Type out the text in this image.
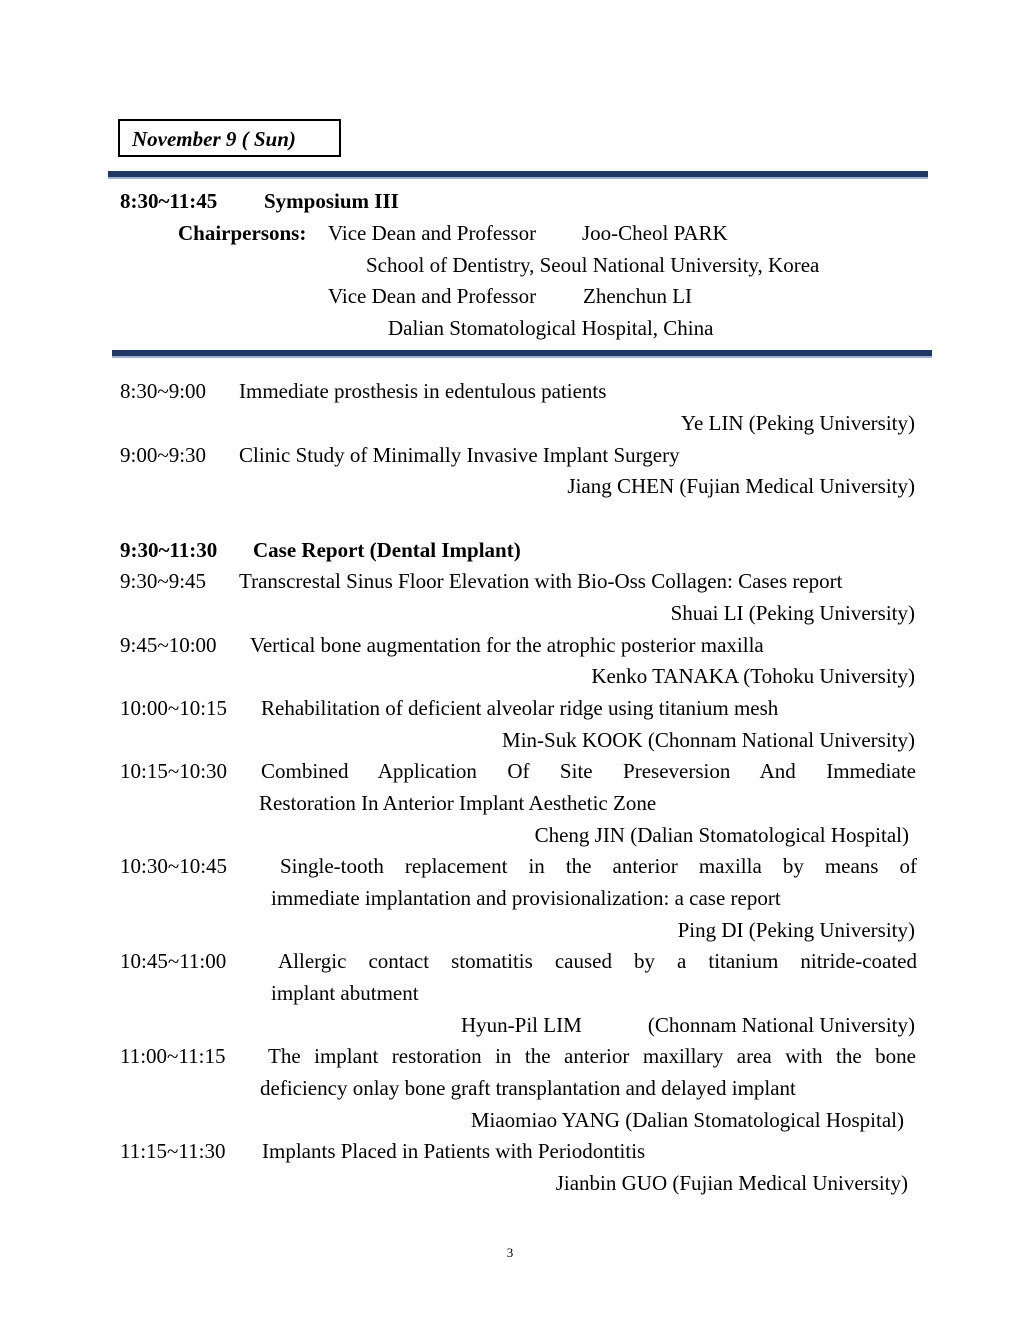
November 9 ( Sun)
8:30~11:45 Symposium III
Chairpersons: Vice Dean and Professor Joo-Cheol PARK
School of Dentistry, Seoul National University, Korea
Vice Dean and Professor Zhenchun LI
Dalian Stomatological Hospital, China
8:30~9:00 Immediate prosthesis in edentulous patients
Ye LIN (Peking University)
9:00~9:30 Clinic Study of Minimally Invasive Implant Surgery
Jiang CHEN (Fujian Medical University)
9:30~11:30 Case Report (Dental Implant)
9:30~9:45 Transcrestal Sinus Floor Elevation with Bio-Oss Collagen: Cases report
Shuai LI (Peking University)
9:45~10:00 Vertical bone augmentation for the atrophic posterior maxilla
Kenko TANAKA (Tohoku University)
10:00~10:15 Rehabilitation of deficient alveolar ridge using titanium mesh
Min-Suk KOOK (Chonnam National University)
10:15~10:30 Combined Application Of Site Preseversion And Immediate
Restoration In Anterior Implant Aesthetic Zone
Cheng JIN (Dalian Stomatological Hospital)
10:30~10:45	Single-tooth replacement in the anterior maxilla by means of
immediate implantation and provisionalization: a case report
Ping DI (Peking University)
10:45~11:00 Allergic contact stomatitis caused by a titanium nitride-coated
implant abutment
Hyun-Pil LIM	(Chonnam National University)
11:00~11:15 The implant restoration in the anterior maxillary area with the bone
deficiency onlay bone graft transplantation and delayed implant
Miaomiao YANG (Dalian Stomatological Hospital)
11:15~11:30 Implants Placed in Patients with Periodontitis
Jianbin GUO (Fujian Medical University)
3
